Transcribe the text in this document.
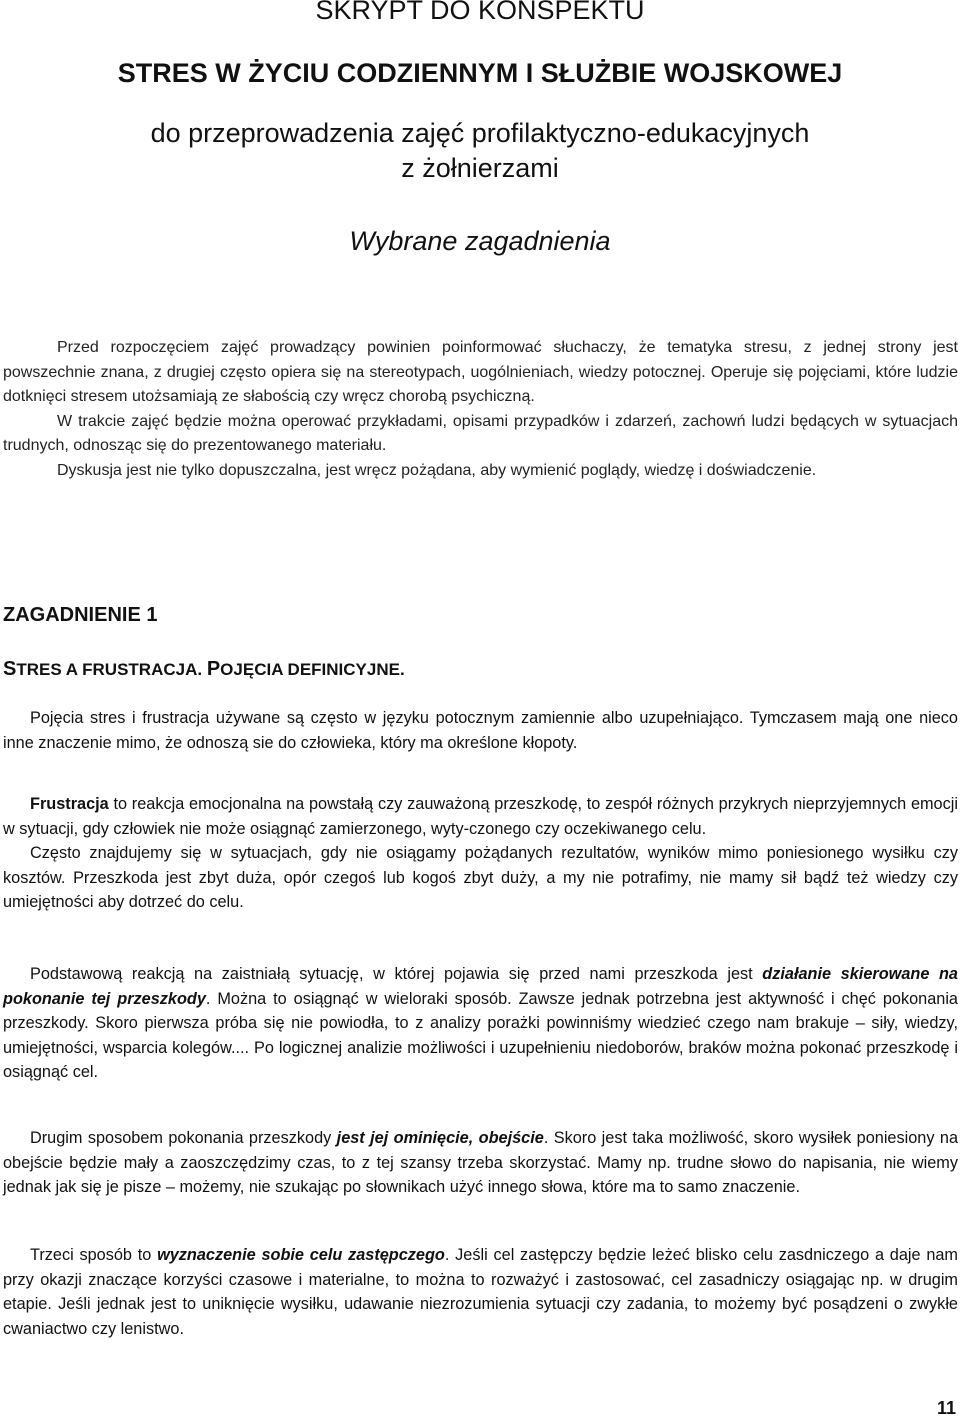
SKRYPT DO KONSPEKTU
STRES W ŻYCIU CODZIENNYM I SŁUŻBIE WOJSKOWEJ
do przeprowadzenia zajęć profilaktyczno-edukacyjnych
z żołnierzami
Wybrane zagadnienia

Przed rozpoczęciem zajęć prowadzący powinien poinformować słuchaczy, że tematyka stresu, z jednej strony jest powszechnie znana, z drugiej często opiera się na stereotypach, uogólnieniach, wiedzy potocznej. Operuje się pojęciami, które ludzie dotknięci stresem utożsamiają ze słabością czy wręcz chorobą psychiczną.

W trakcie zajęć będzie można operować przykładami, opisami przypadków i zdarzeń, zachowń ludzi będących w sytuacjach trudnych, odnosząc się do prezentowanego materiału.

Dyskusja jest nie tylko dopuszczalna, jest wręcz pożądana, aby wymienić poglądy, wiedzę i doświadczenie.

ZAGADNIENIE 1
STRES A FRUSTRACJA. POJĘCIA DEFINICYJNE.

Pojęcia stres i frustracja używane są często w języku potocznym zamiennie albo uzupełniająco. Tymczasem mają one nieco inne znaczenie mimo, że odnoszą sie do człowieka, który ma określone kłopoty.

Frustracja to reakcja emocjonalna na powstałą czy zauważoną przeszkodę, to zespół różnych przykrych nieprzyjemnych emocji w sytuacji, gdy człowiek nie może osiągnąć zamierzonego, wyty-czonego czy oczekiwanego celu.

Często znajdujemy się w sytuacjach, gdy nie osiągamy pożądanych rezultatów, wyników mimo poniesionego wysiłku czy kosztów. Przeszkoda jest zbyt duża, opór czegoś lub kogoś zbyt duży, a my nie potrafimy, nie mamy sił bądź też wiedzy czy umiejętności aby dotrzeć do celu.

Podstawową reakcją na zaistniałą sytuację, w której pojawia się przed nami przeszkoda jest działanie skierowane na pokonanie tej przeszkody. Można to osiągnąć w wieloraki sposób. Zawsze jednak potrzebna jest aktywność i chęć pokonania przeszkody. Skoro pierwsza próba się nie powiodła, to z analizy porażki powinniśmy wiedzieć czego nam brakuje – siły, wiedzy, umiejętności, wsparcia kolegów.... Po logicznej analizie możliwości i uzupełnieniu niedoborów, braków można pokonać przeszkodę i osiągnąć cel.

Drugim sposobem pokonania przeszkody jest jej ominięcie, obejście. Skoro jest taka możliwość, skoro wysiłek poniesiony na obejście będzie mały a zaoszczędzimy czas, to z tej szansy trzeba skorzystać. Mamy np. trudne słowo do napisania, nie wiemy jednak jak się je pisze – możemy, nie szukając po słownikach użyć innego słowa, które ma to samo znaczenie.

Trzeci sposób to wyznaczenie sobie celu zastępczego. Jeśli cel zastępczy będzie leżeć blisko celu zasdniczego a daje nam przy okazji znaczące korzyści czasowe i materialne, to można to rozważyć i zastosować, cel zasadniczy osiągając np. w drugim etapie. Jeśli jednak jest to uniknięcie wysiłku, udawanie niezrozumienia sytuacji czy zadania, to możemy być posądzeni o zwykłe cwaniactwo czy lenistwo.

11
